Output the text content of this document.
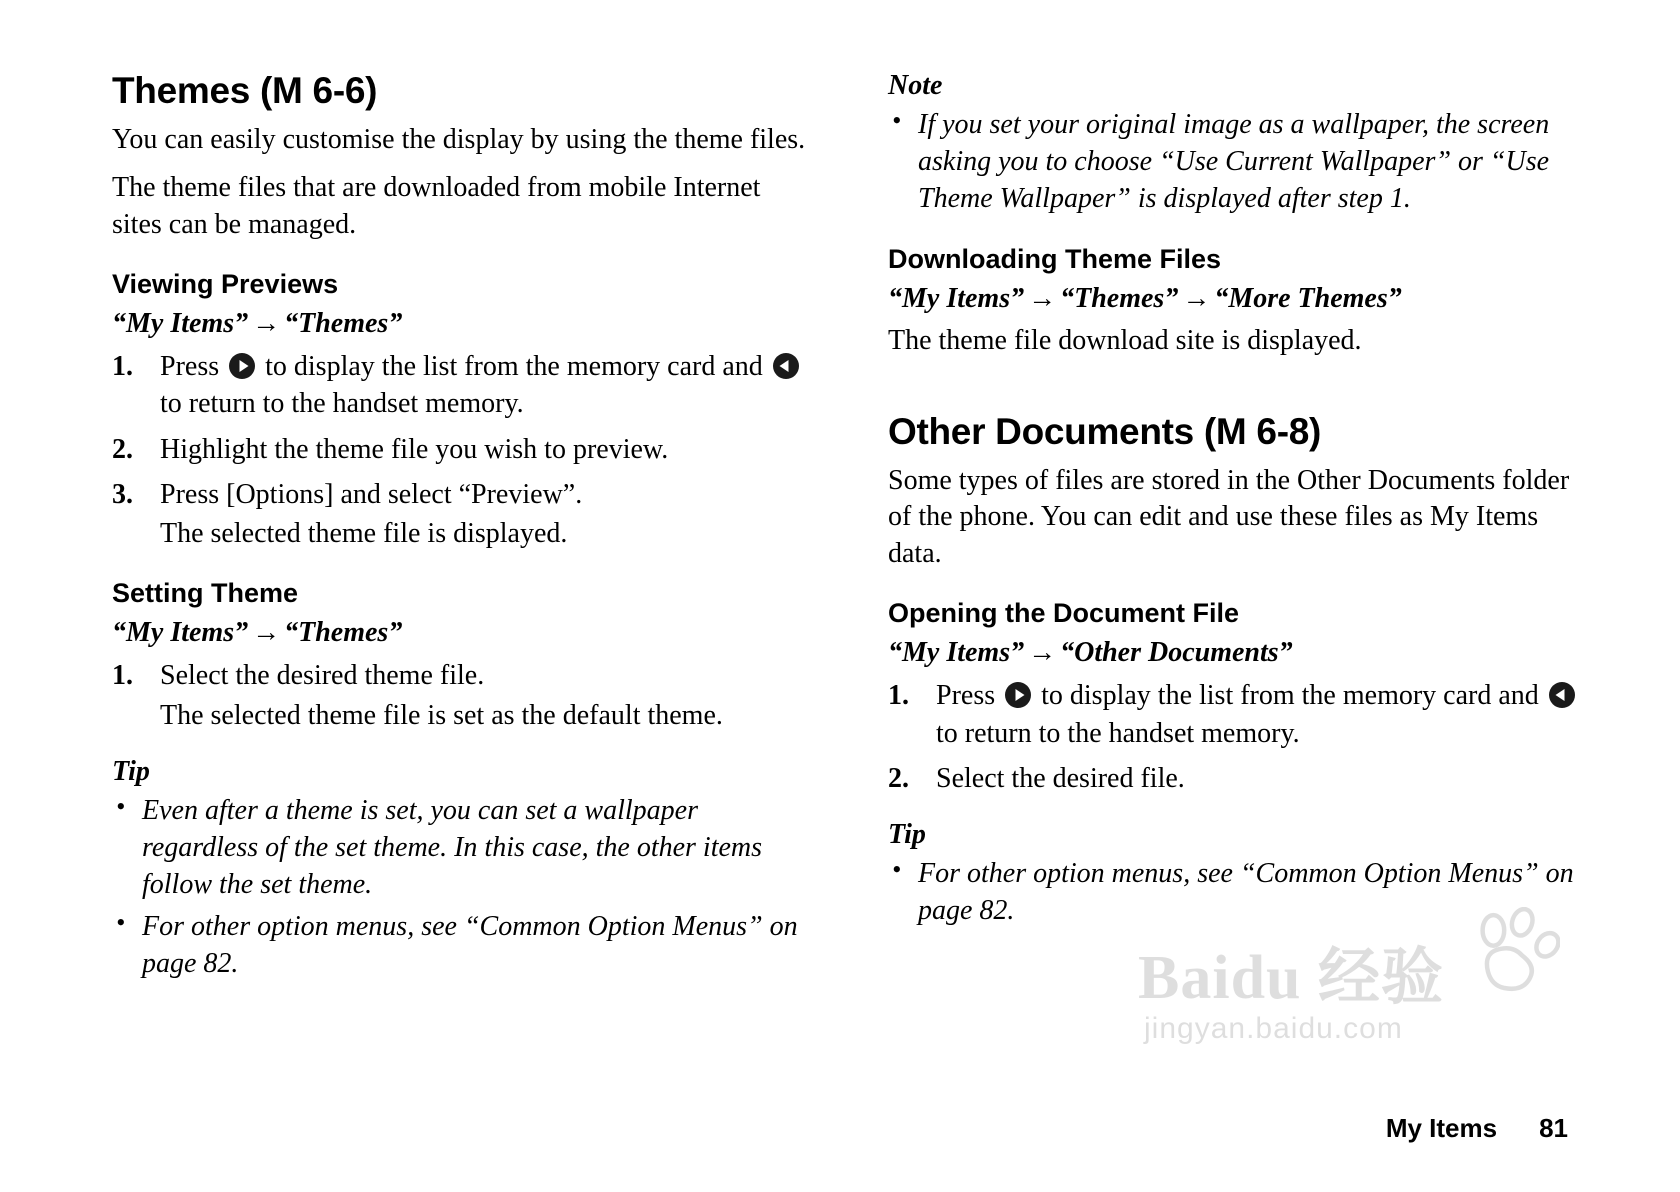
Themes (M 6-6)

You can easily customise the display by using the theme files.

The theme files that are downloaded from mobile Internet sites can be managed.

Viewing Previews

“My Items” → “Themes”

1. Press to display the list from the memory card and  to return to the handset memory.
2. Highlight the theme file you wish to preview.
3. Press [Options] and select “Preview”.
The selected theme file is displayed.
Setting Theme

“My Items” → “Themes”

1. Select the desired theme file.
The selected theme file is set as the default theme.

Tip

• Even after a theme is set, you can set a wallpaper regardless of the set theme. In this case, the other items follow the set theme.
• For other option menus, see “Common Option Menus” on page 82.

Note

• If you set your original image as a wallpaper, the screen asking you to choose “Use Current Wallpaper” or “Use Theme Wallpaper” is displayed after step 1.
Downloading Theme Files

“My Items” → “Themes” → “More Themes”

The theme file download site is displayed.

Other Documents (M 6-8)

Some types of files are stored in the Other Documents folder of the phone. You can edit and use these files as My Items data.

Opening the Document File

“My Items” → “Other Documents”

1. Press to display the list from the memory card and  to return to the handset memory.
2. Select the desired file.

Tip

• For other option menus, see “Common Option Menus” on page 82.
Baidu 经验
jingyan.baidu.com
My Items 81
